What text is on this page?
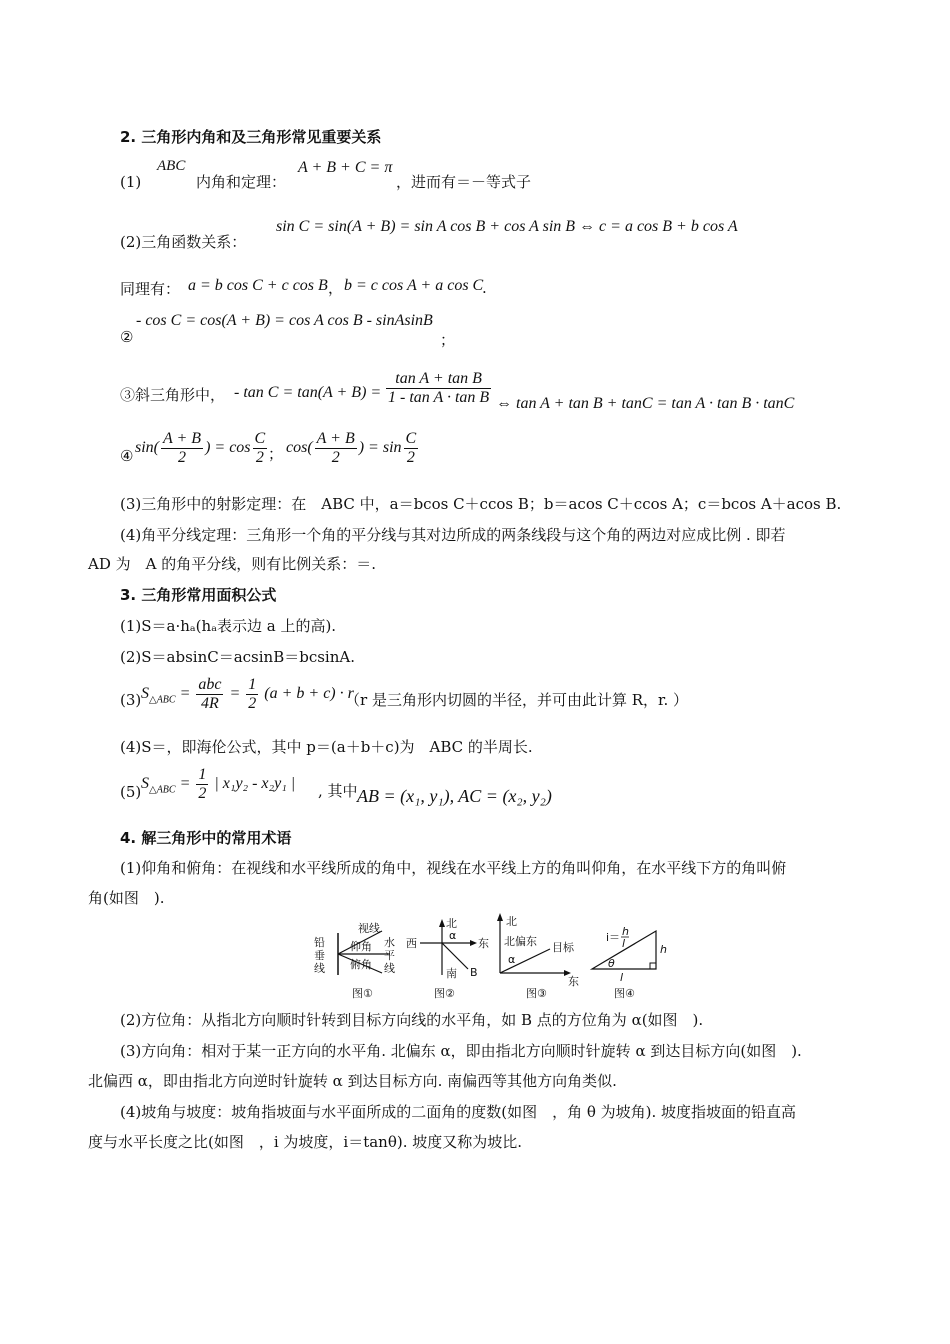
2. 三角形内角和及三角形常见重要关系
(1)
ABC
内角和定理：
A + B + C = π
，进而有＝－等式子
(2)三角函数关系：
sin C = sin(A + B) = sin A cos B + cos A sin B ⇔ c = a cos B + b cos A
同理有： a = b cos C + c cos B ， b = c cos A + a cos C
.
- cos C = cos(A + B) = cos A cos B - sinAsinB
②	；
③斜三角形中， - $\tan C = \tan(A + B) = \frac{\text{tan A + tan B}}{\text{1 - tan A · tan B}}$ ⇔ tan A + tan B + tanC = tan A · tan B · tanC
④ $\sin( \frac{A + B}{2}$ ) = $\cos \frac{C}{2}$ ； $\cos( \frac{A + B}{2}$ ) = $\sin \frac{C}{2}$
(3)三角形中的射影定理：在　ABC 中，a＝bcos C＋ccos B；b＝acos C＋ccos A；c＝bcos A＋acos B.
(4)角平分线定理：三角形一个角的平分线与其对边所成的两条线段与这个角的两边对应成比例 . 即若
AD 为　A 的角平分线，则有比例关系：＝.
3. 三角形常用面积公式
(1)S＝a·hₐ(hₐ表示边 a 上的高).
(2)S＝absinC＝acsinB＝bcsinA.
(3) $S_{\triangle ABC} = \frac{\text{abc}}{4R} = \frac{1}{2} (a + b + c) \cdot r$
（r 是三角形内切圆的半径，并可由此计算 R，r. ）
(4)S＝，即海伦公式，其中 p＝(a＋b＋c)为　ABC 的半周长.
(5) $S_{\triangle ABC} = \frac{1}{2}$ | x₁y₂ - x₂y₁ | , 其中 AB = (x₁, y₁), AC = (x₂, y₂)
4. 解三角形中的常用术语
(1)仰角和俯角：在视线和水平线所成的角中，视线在水平线上方的角叫仰角，在水平线下方的角叫俯
角(如图　).
铅
垂
线
视线
仰角
俯角
水
平
线
图①
北
西	东
南
α
B
图②
北
北偏东
α
目标
东
图③
i＝ h
l	h
l
θ
图④
(2)方位角：从指北方向顺时针转到目标方向线的水平角，如 B 点的方位角为 α(如图　).
(3)方向角：相对于某一正方向的水平角. 北偏东 α，即由指北方向顺时针旋转 α 到达目标方向(如图　).
北偏西 α，即由指北方向逆时针旋转 α 到达目标方向. 南偏西等其他方向角类似.
(4)坡角与坡度：坡角指坡面与水平面所成的二面角的度数(如图　，角 θ 为坡角). 坡度指坡面的铅直高
度与水平长度之比(如图　，i 为坡度，i＝tanθ). 坡度又称为坡比.
